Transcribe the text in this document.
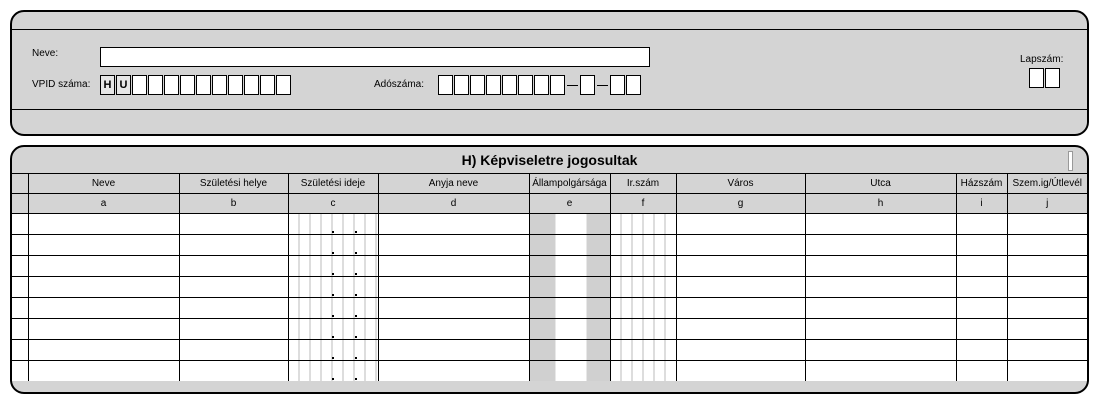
Neve:
VPID száma:	H U	Adószáma:
Lapszám:
H) Képviseletre jogosultak
	Neve	Születési helye	Születési ideje	Anyja neve	Állampolgársága	Ir.szám	Város	Utca	Házszám	Szem.ig/Útlevél
	a	b	c	d	e	f	g	h	i	j
